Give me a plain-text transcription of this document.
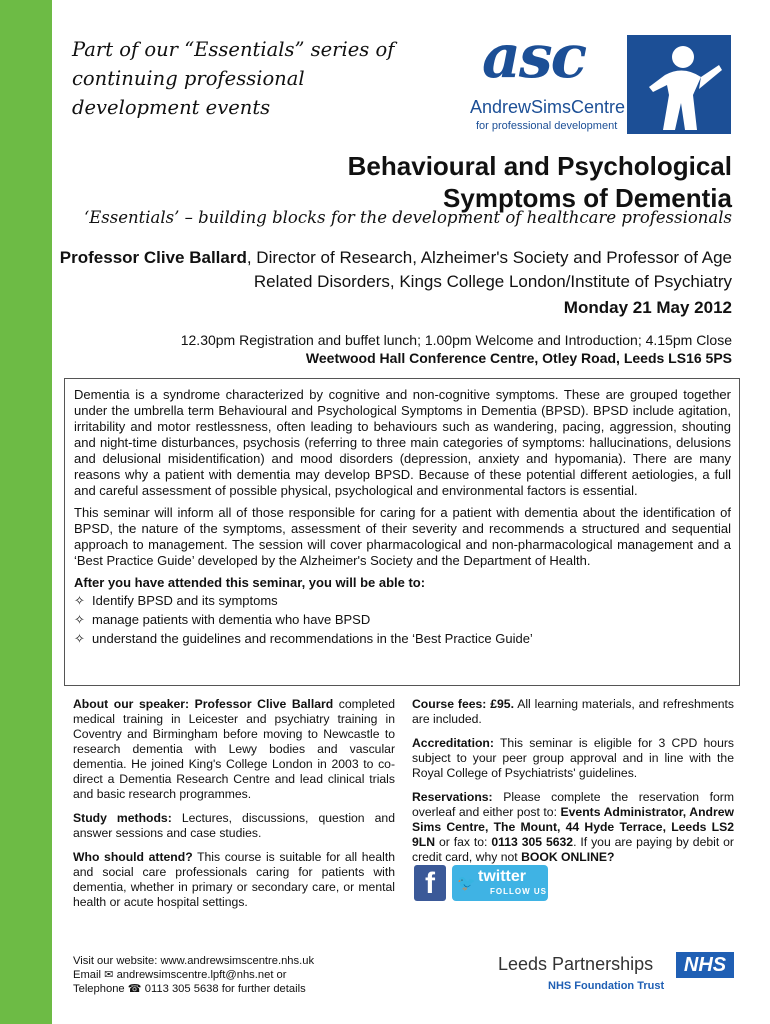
Part of our “Essentials” series of continuing professional development events
asc
AndrewSimsCentre
for professional development
Behavioural and Psychological
Symptoms of Dementia
‘Essentials’ – building blocks for the development of healthcare professionals
Professor Clive Ballard, Director of Research, Alzheimer's Society and Professor of Age Related Disorders, Kings College London/Institute of Psychiatry
Monday 21 May 2012
12.30pm Registration and buffet lunch; 1.00pm Welcome and Introduction; 4.15pm Close
Weetwood Hall Conference Centre, Otley Road, Leeds LS16 5PS

Dementia is a syndrome characterized by cognitive and non-cognitive symptoms. These are grouped together under the umbrella term Behavioural and Psychological Symptoms in Dementia (BPSD). BPSD include agitation, irritability and motor restlessness, often leading to behaviours such as wandering, pacing, aggression, shouting and night-time disturbances, psychosis (referring to three main categories of symptoms: hallucinations, delusions and delusional misidentification) and mood disorders (depression, anxiety and hypomania). There are many reasons why a patient with dementia may develop BPSD. Because of these potential different aetiologies, a full and careful assessment of possible physical, psychological and environmental factors is essential.

This seminar will inform all of those responsible for caring for a patient with dementia about the identification of BPSD, the nature of the symptoms, assessment of their severity and recommends a structured and sequential approach to management. The session will cover pharmacological and non-pharmacological management and a ‘Best Practice Guide’ developed by the Alzheimer's Society and the Department of Health.

After you have attended this seminar, you will be able to:

✧ Identify BPSD and its symptoms
✧ manage patients with dementia who have BPSD
✧ understand the guidelines and recommendations in the ‘Best Practice Guide’

About our speaker: Professor Clive Ballard completed medical training in Leicester and psychiatry training in Coventry and Birmingham before moving to Newcastle to research dementia with Lewy bodies and vascular dementia. He joined King's College London in 2003 to co-direct a Dementia Research Centre and lead clinical trials and basic research programmes.

Study methods: Lectures, discussions, question and answer sessions and case studies.

Who should attend? This course is suitable for all health and social care professionals caring for patients with dementia, whether in primary or secondary care, or mental health or acute hospital settings.

Course fees: £95. All learning materials, and refreshments are included.

Accreditation: This seminar is eligible for 3 CPD hours subject to your peer group approval and in line with the Royal College of Psychiatrists' guidelines.

Reservations: Please complete the reservation form overleaf and either post to: Events Administrator, Andrew Sims Centre, The Mount, 44 Hyde Terrace, Leeds LS2 9LN or fax to: 0113 305 5632. If you are paying by debit or credit card, why not BOOK ONLINE?

f	🐦 twitter
FOLLOW US
Visit our website: www.andrewsimscentre.nhs.uk
Email ✉ andrewsimscentre.lpft@nhs.net or
Telephone ☎ 0113 305 5638 for further details
Leeds Partnerships	NHS
NHS Foundation Trust
